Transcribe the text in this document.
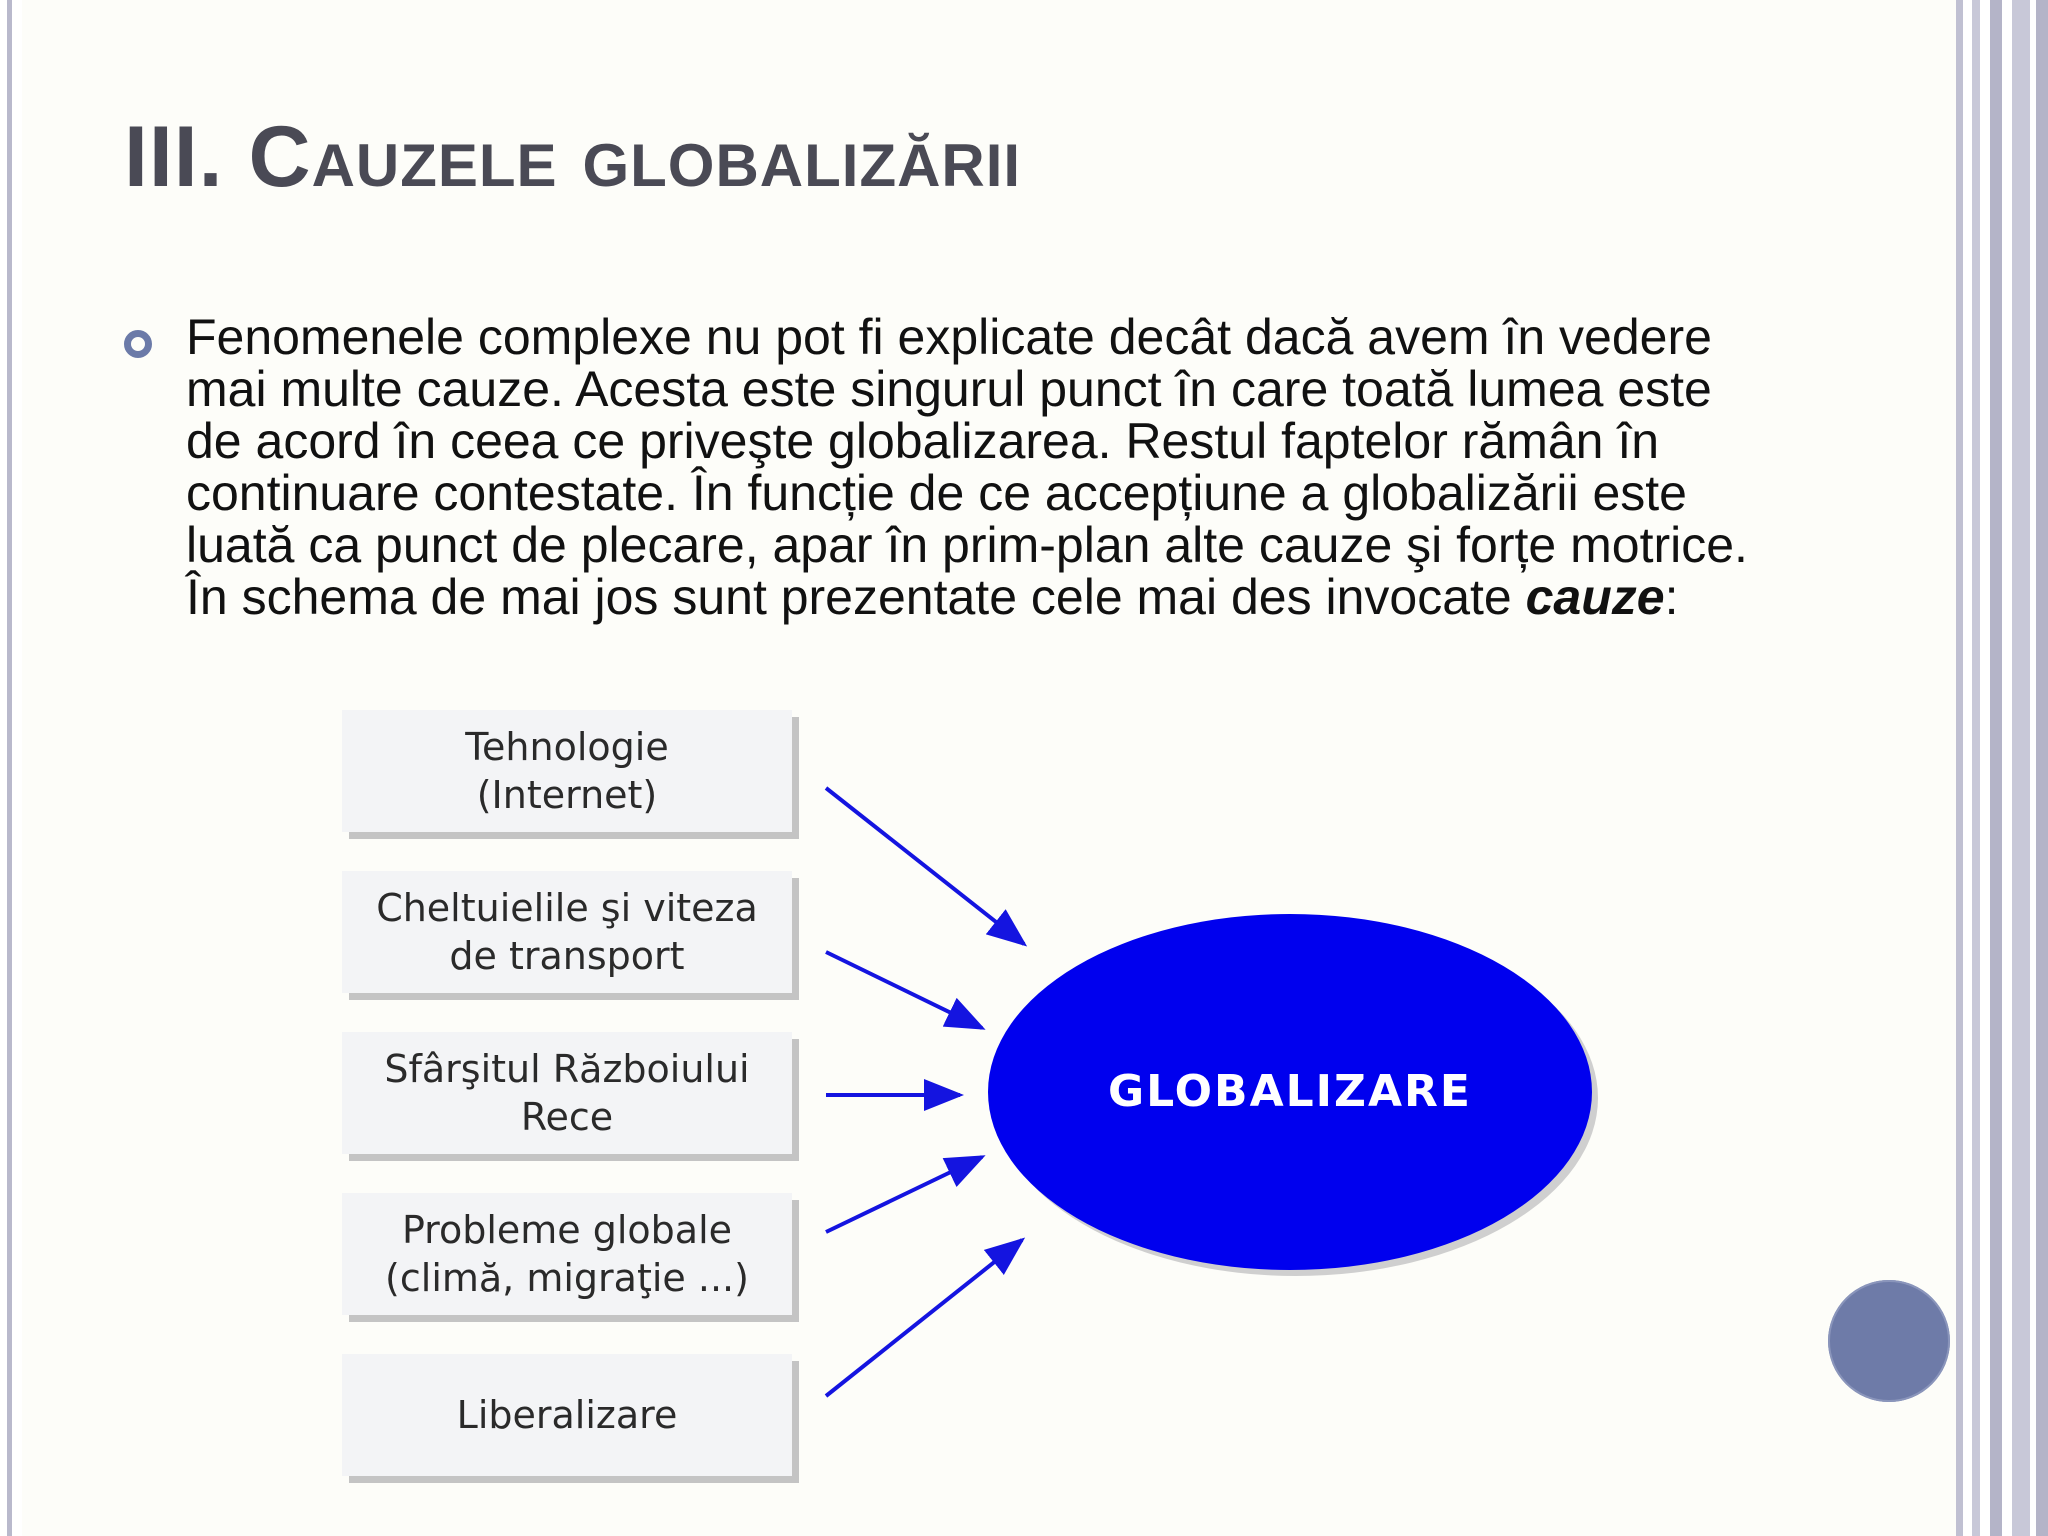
III. Cauzele globalizării

Fenomenele complexe nu pot fi explicate decât dacă avem în vedere mai multe cauze. Acesta este singurul punct în care toată lumea este de acord în ceea ce priveşte globalizarea. Restul faptelor rămân în continuare contestate. În funcție de ce accepțiune a globalizării este luată ca punct de plecare, apar în prim-plan alte cauze şi forțe motrice. În schema de mai jos sunt prezentate cele mai des invocate cauze:

Tehnologie
(Internet)
Cheltuielile şi viteza
de transport
Sfârşitul Războiului
Rece
Probleme globale
(climă, migraţie ...)
Liberalizare
GLOBALIZARE
